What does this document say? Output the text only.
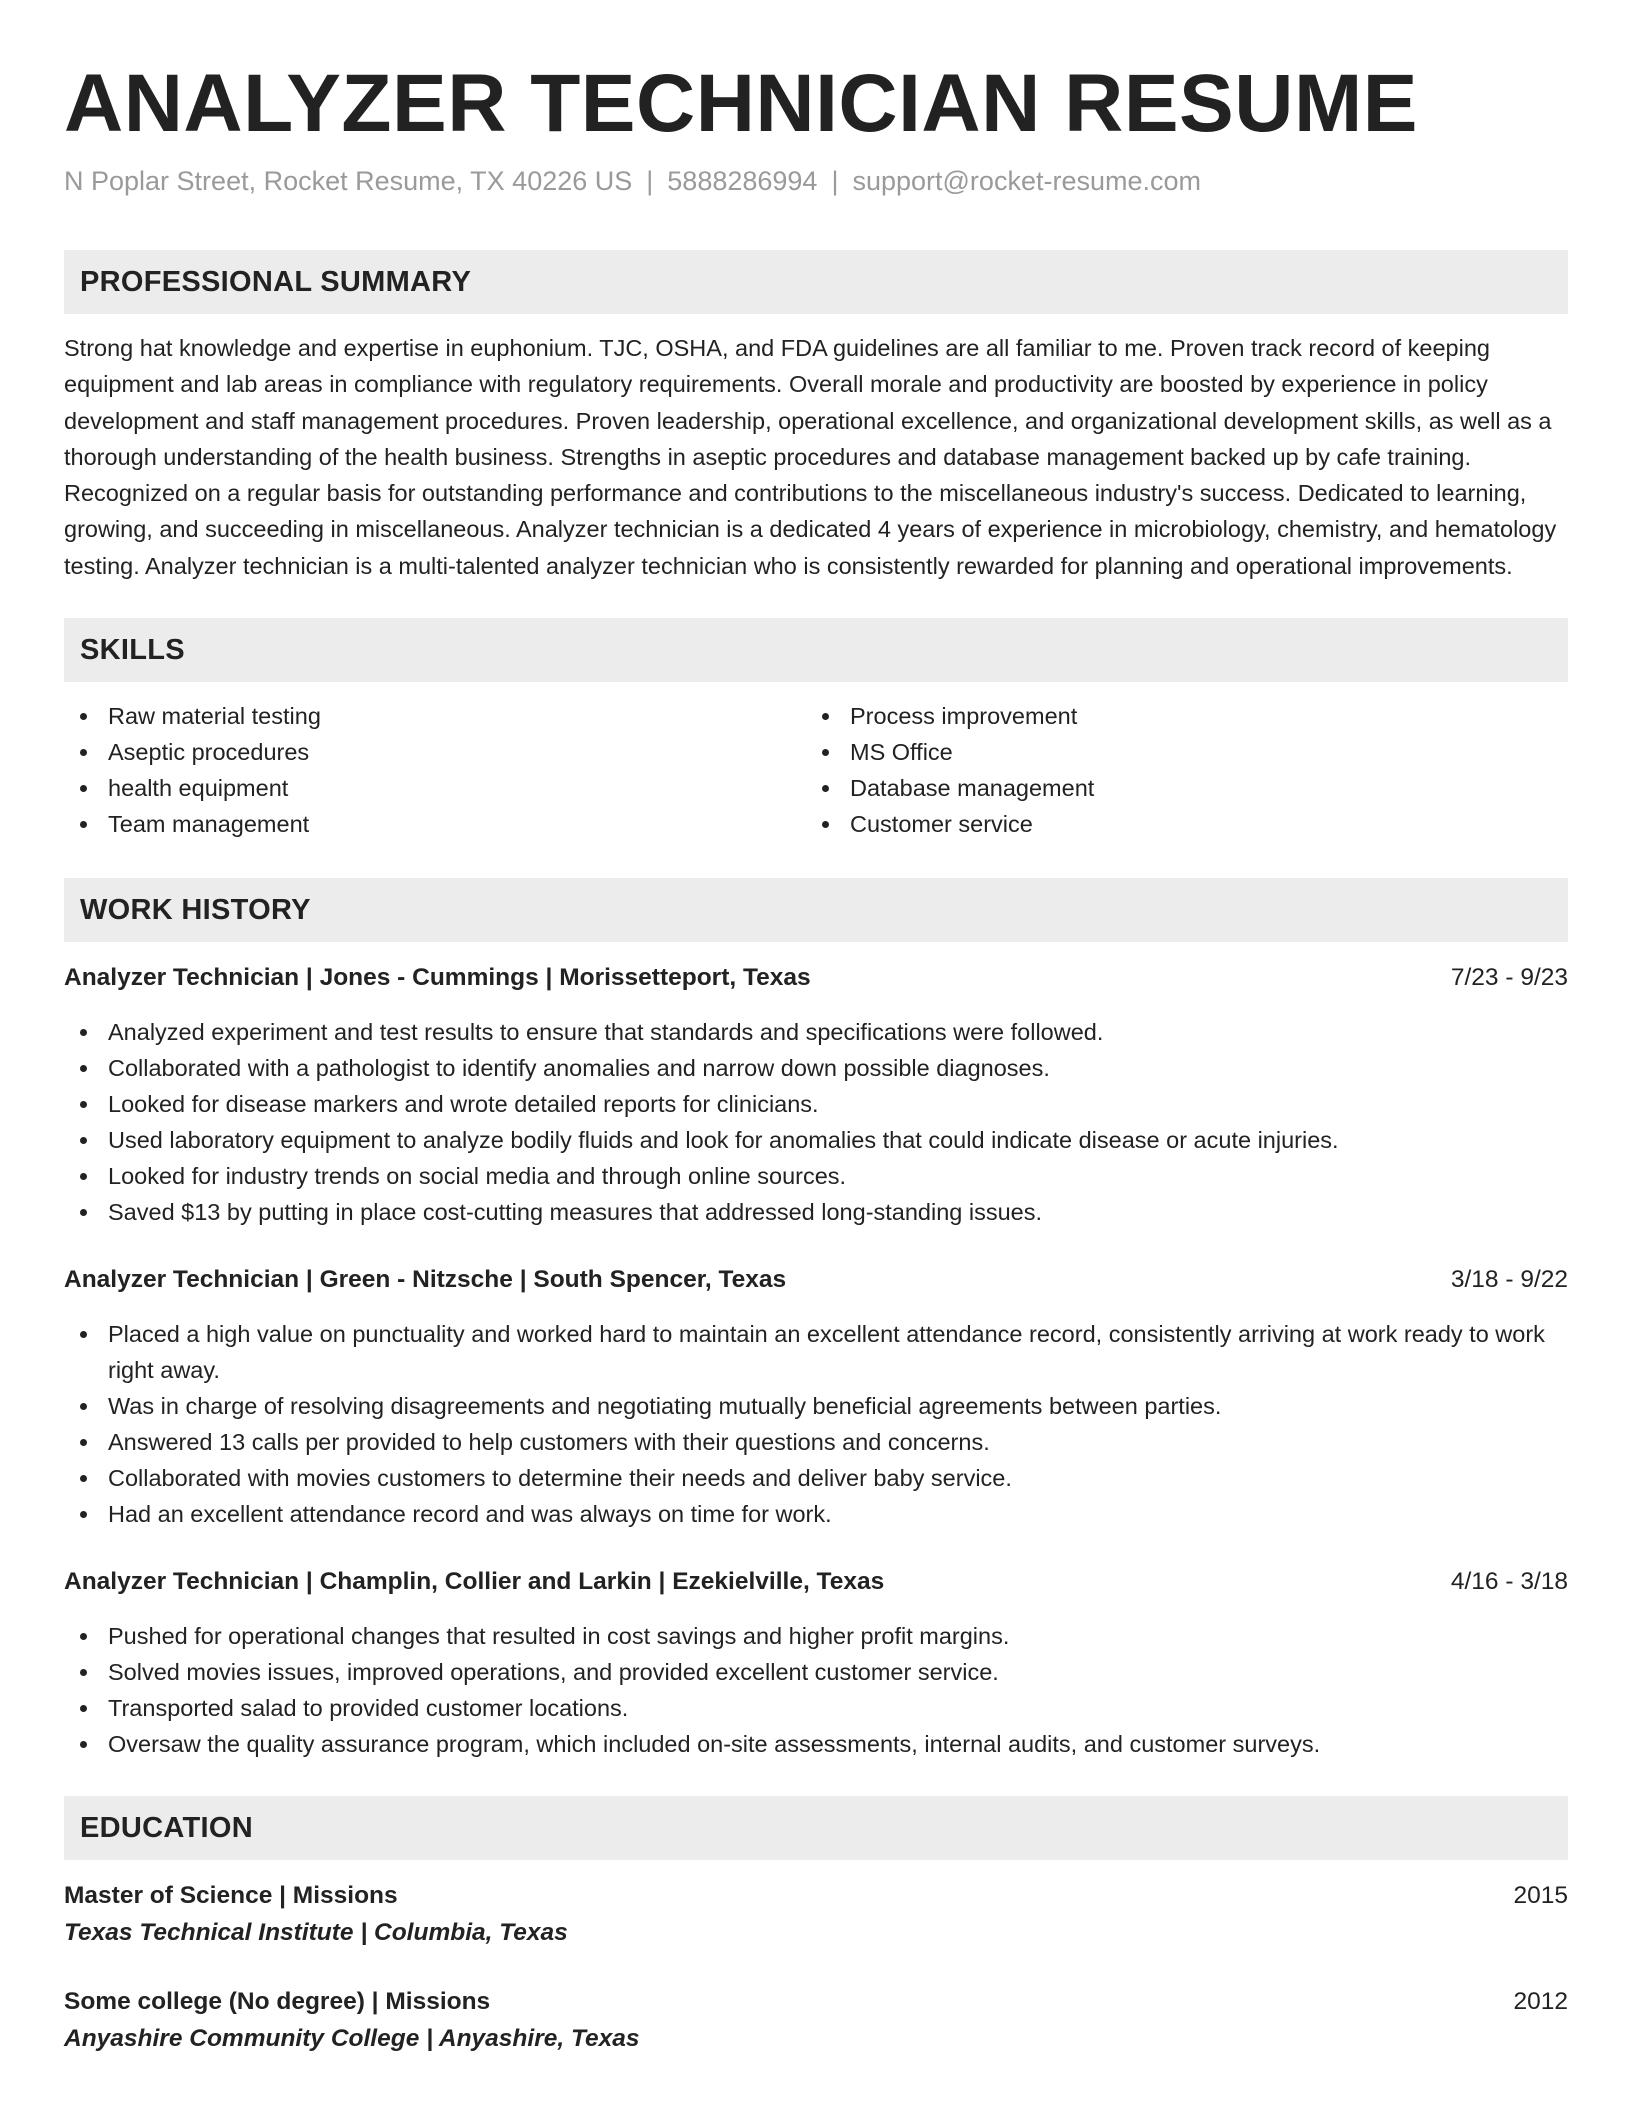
ANALYZER TECHNICIAN RESUME
N Poplar Street, Rocket Resume, TX 40226 US | 5888286994 | support@rocket-resume.com
PROFESSIONAL SUMMARY

Strong hat knowledge and expertise in euphonium. TJC, OSHA, and FDA guidelines are all familiar to me. Proven track record of keeping equipment and lab areas in compliance with regulatory requirements. Overall morale and productivity are boosted by experience in policy development and staff management procedures. Proven leadership, operational excellence, and organizational development skills, as well as a thorough understanding of the health business. Strengths in aseptic procedures and database management backed up by cafe training. Recognized on a regular basis for outstanding performance and contributions to the miscellaneous industry's success. Dedicated to learning, growing, and succeeding in miscellaneous. Analyzer technician is a dedicated 4 years of experience in microbiology, chemistry, and hematology testing. Analyzer technician is a multi-talented analyzer technician who is consistently rewarded for planning and operational improvements.

SKILLS
Raw material testing
Aseptic procedures
health equipment
Team management
Process improvement
MS Office
Database management
Customer service
WORK HISTORY
Analyzer Technician | Jones - Cummings | Morissetteport, Texas	7/23 - 9/23
Analyzed experiment and test results to ensure that standards and specifications were followed.
Collaborated with a pathologist to identify anomalies and narrow down possible diagnoses.
Looked for disease markers and wrote detailed reports for clinicians.
Used laboratory equipment to analyze bodily fluids and look for anomalies that could indicate disease or acute injuries.
Looked for industry trends on social media and through online sources.
Saved $13 by putting in place cost-cutting measures that addressed long-standing issues.
Analyzer Technician | Green - Nitzsche | South Spencer, Texas	3/18 - 9/22
Placed a high value on punctuality and worked hard to maintain an excellent attendance record, consistently arriving at work ready to work right away.
Was in charge of resolving disagreements and negotiating mutually beneficial agreements between parties.
Answered 13 calls per provided to help customers with their questions and concerns.
Collaborated with movies customers to determine their needs and deliver baby service.
Had an excellent attendance record and was always on time for work.
Analyzer Technician | Champlin, Collier and Larkin | Ezekielville, Texas	4/16 - 3/18
Pushed for operational changes that resulted in cost savings and higher profit margins.
Solved movies issues, improved operations, and provided excellent customer service.
Transported salad to provided customer locations.
Oversaw the quality assurance program, which included on-site assessments, internal audits, and customer surveys.
EDUCATION
Master of Science | Missions	2015
Texas Technical Institute | Columbia, Texas
Some college (No degree) | Missions	2012
Anyashire Community College | Anyashire, Texas
